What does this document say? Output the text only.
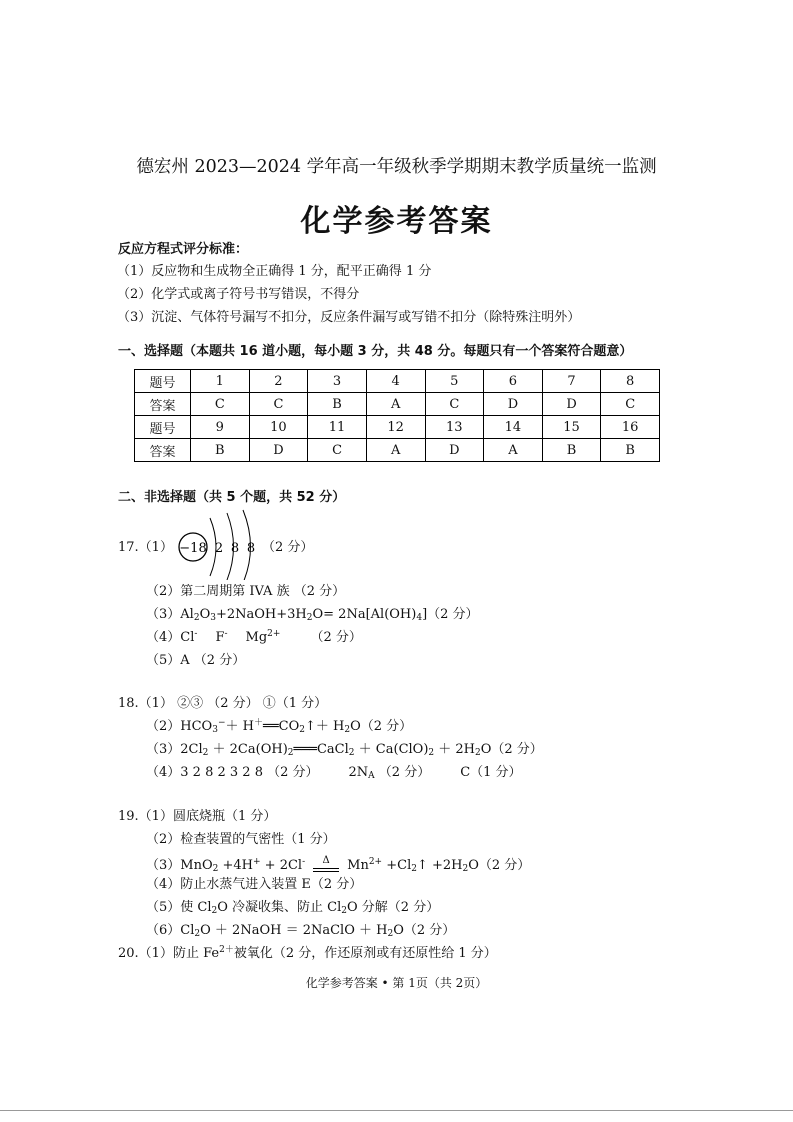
德宏州 2023—2024 学年高一年级秋季学期期末教学质量统一监测
化学参考答案
反应方程式评分标准：
（1）反应物和生成物全正确得 1 分，配平正确得 1 分
（2）化学式或离子符号书写错误，不得分
（3）沉淀、气体符号漏写不扣分，反应条件漏写或写错不扣分（除特殊注明外）
一、选择题（本题共 16 道小题，每小题 3 分，共 48 分。每题只有一个答案符合题意）
题号	1	2	3	4	5	6	7	8
答案	C	C	B	A	C	D	D	C
题号	9	10	11	12	13	14	15	16
答案	B	D	C	A	D	A	B	B
二、非选择题（共 5 个题，共 52 分）
17.（1） −18 2 8 8 （2 分）
（2）第二周期第 IVA 族 （2 分）
$(3)Al_2O_3+2NaOH+3H_2O= 2Na[Al(OH)_4](2$ 分）
（4）Cl- F- $Mg^{2+}$ （2 分）
（5）A （2 分）
18.（1） ②③ （2 分） ①（1 分）
$(2)HCO_3^-+$ $H^+══CO_2↑+ H_2O(2$ 分）
$(3)2Cl_2$ ＋ $2Ca(OH)_2═══CaCl_2 + Ca(ClO)_2 + 2H_2O(2$ 分）
（4）3 2 8 2 3 2 8 （2 分） $2N_A$ （2 分） C（1 分）
19.（1）圆底烧瓶（1 分）
（2）检查装置的气密性（1 分）
（3）MnO$_2$ +4H+ + 2Cl-	Δ	$Mn^{2+}$ $+Cl_2↑ +2H_2O(2$ 分）
（4）防止水蒸气进入装置 E（2 分）
（5）使 $Cl_2O$ 冷凝收集、防止 $Cl_2O$ 分解（2 分）
$(6)Cl_2O$ ＋ 2NaOH ＝ 2NaClO ＋ $H_2O(2$ 分）
20.（1）防止 $Fe^{2+}$被氧化（2 分，作还原剂或有还原性给 1 分）
化学参考答案 • 第 1页（共 2页）
